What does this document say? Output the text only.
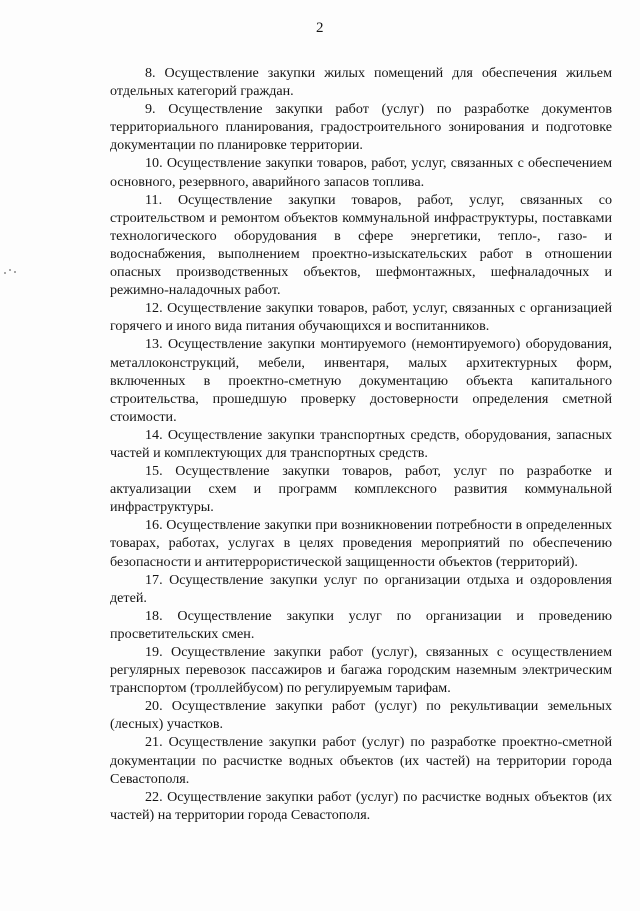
2

8. Осуществление закупки жилых помещений для обеспечения жильем отдельных категорий граждан.

9. Осуществление закупки работ (услуг) по разработке документов территориального планирования, градостроительного зонирования и подготовке документации по планировке территории.

10. Осуществление закупки товаров, работ, услуг, связанных с обеспечением основного, резервного, аварийного запасов топлива.

11. Осуществление закупки товаров, работ, услуг, связанных со строительством и ремонтом объектов коммунальной инфраструктуры, поставками технологического оборудования в сфере энергетики, тепло-, газо- и водоснабжения, выполнением проектно-изыскательских работ в отношении опасных производственных объектов, шефмонтажных, шефналадочных и режимно-наладочных работ.

12. Осуществление закупки товаров, работ, услуг, связанных с организацией горячего и иного вида питания обучающихся и воспитанников.

13. Осуществление закупки монтируемого (немонтируемого) оборудования, металлоконструкций, мебели, инвентаря, малых архитектурных форм, включенных в проектно-сметную документацию объекта капитального строительства, прошедшую проверку достоверности определения сметной стоимости.

14. Осуществление закупки транспортных средств, оборудования, запасных частей и комплектующих для транспортных средств.

15. Осуществление закупки товаров, работ, услуг по разработке и актуализации схем и программ комплексного развития коммунальной инфраструктуры.

16. Осуществление закупки при возникновении потребности в определенных товарах, работах, услугах в целях проведения мероприятий по обеспечению безопасности и антитеррористической защищенности объектов (территорий).

17. Осуществление закупки услуг по организации отдыха и оздоровления детей.

18. Осуществление закупки услуг по организации и проведению просветительских смен.

19. Осуществление закупки работ (услуг), связанных с осуществлением регулярных перевозок пассажиров и багажа городским наземным электрическим транспортом (троллейбусом) по регулируемым тарифам.

20. Осуществление закупки работ (услуг) по рекультивации земельных (лесных) участков.

21. Осуществление закупки работ (услуг) по разработке проектно-сметной документации по расчистке водных объектов (их частей) на территории города Севастополя.

22. Осуществление закупки работ (услуг) по расчистке водных объектов (их частей) на территории города Севастополя.
